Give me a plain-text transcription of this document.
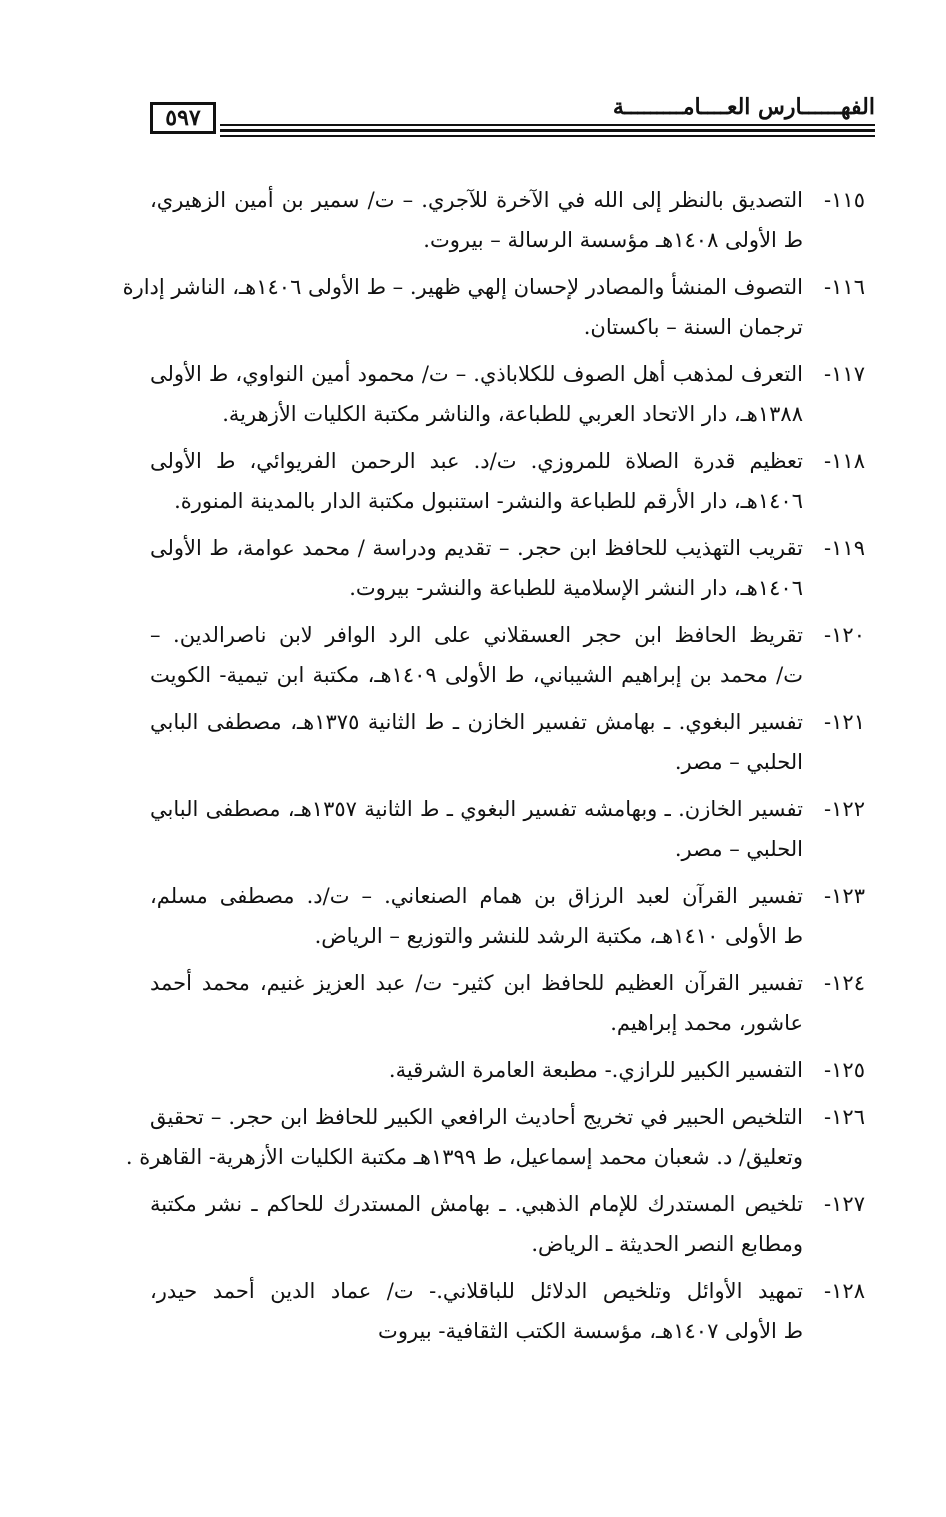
٥٩٧	الفهــــــارس العــــامـــــــــة
١١٥-
التصديق بالنظر إلى الله في الآخرة للآجري. – ت/ سمير بن أمين الزهيري،
ط الأولى ١٤٠٨هـ مؤسسة الرسالة – بيروت.
١١٦-
التصوف المنشأ والمصادر لإحسان إلهي ظهير. – ط الأولى ١٤٠٦هـ، الناشر إدارة
ترجمان السنة – باكستان.
١١٧-
التعرف لمذهب أهل الصوف للكلاباذي. – ت/ محمود أمين النواوي، ط الأولى
١٣٨٨هـ، دار الاتحاد العربي للطباعة، والناشر مكتبة الكليات الأزهرية.
١١٨-
تعظيم قدرة الصلاة للمروزي. ت/د. عبد الرحمن الفريوائي، ط الأولى
١٤٠٦هـ، دار الأرقم للطباعة والنشر- استنبول مكتبة الدار بالمدينة المنورة.
١١٩-
تقريب التهذيب للحافظ ابن حجر. – تقديم ودراسة / محمد عوامة، ط الأولى
١٤٠٦هـ، دار النشر الإسلامية للطباعة والنشر- بيروت.
١٢٠-
تقريظ الحافظ ابن حجر العسقلاني على الرد الوافر لابن ناصرالدين. –
ت/ محمد بن إبراهيم الشيباني، ط الأولى ١٤٠٩هـ، مكتبة ابن تيمية- الكويت
١٢١-
تفسير البغوي. ـ بهامش تفسير الخازن ـ ط الثانية ١٣٧٥هـ، مصطفى البابي
الحلبي – مصر.
١٢٢-
تفسير الخازن. ـ وبهامشه تفسير البغوي ـ ط الثانية ١٣٥٧هـ، مصطفى البابي
الحلبي – مصر.
١٢٣-
تفسير القرآن لعبد الرزاق بن همام الصنعاني. – ت/د. مصطفى مسلم،
ط الأولى ١٤١٠هـ، مكتبة الرشد للنشر والتوزيع – الرياض.
١٢٤-
تفسير القرآن العظيم للحافظ ابن كثير- ت/ عبد العزيز غنيم، محمد أحمد
عاشور، محمد إبراهيم.
١٢٥-
التفسير الكبير للرازي.- مطبعة العامرة الشرقية.
١٢٦-
التلخيص الحبير في تخريج أحاديث الرافعي الكبير للحافظ ابن حجر. – تحقيق
وتعليق/ د. شعبان محمد إسماعيل، ط ١٣٩٩هـ مكتبة الكليات الأزهرية- القاهرة .
١٢٧-
تلخيص المستدرك للإمام الذهبي. ـ بهامش المستدرك للحاكم ـ نشر مكتبة
ومطابع النصر الحديثة ـ الرياض.
١٢٨-
تمهيد الأوائل وتلخيص الدلائل للباقلاني.- ت/ عماد الدين أحمد حيدر،
ط الأولى ١٤٠٧هـ، مؤسسة الكتب الثقافية- بيروت
